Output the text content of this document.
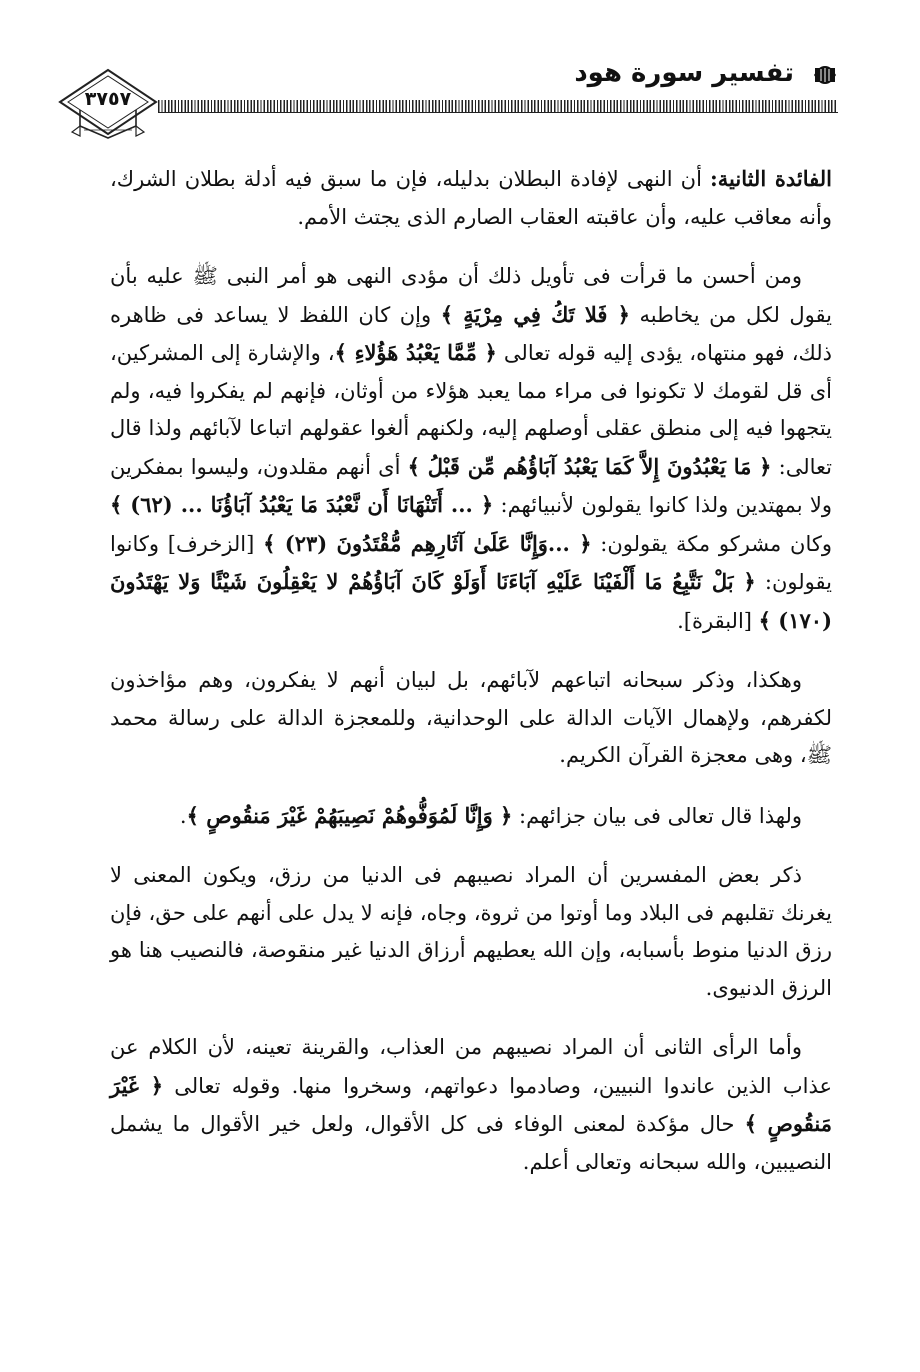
٣٧٥٧
تفسير سورة هود

الفائدة الثانية: أن النهى لإفادة البطلان بدليله، فإن ما سبق فيه أدلة بطلان الشرك، وأنه معاقب عليه، وأن عاقبته العقاب الصارم الذى يجتث الأمم.

ومن أحسن ما قرأت فى تأويل ذلك أن مؤدى النهى هو أمر النبى ﷺ عليه بأن يقول لكل من يخاطبه ﴿ فَلا تَكُ فِي مِرْيَةٍ ﴾ وإن كان اللفظ لا يساعد فى ظاهره ذلك، فهو منتهاه، يؤدى إليه قوله تعالى ﴿ مِّمَّا يَعْبُدُ هَؤُلاءِ ﴾، والإشارة إلى المشركين، أى قل لقومك لا تكونوا فى مراء مما يعبد هؤلاء من أوثان، فإنهم لم يفكروا فيه، ولم يتجهوا فيه إلى منطق عقلى أوصلهم إليه، ولكنهم ألغوا عقولهم اتباعا لآبائهم ولذا قال تعالى: ﴿ مَا يَعْبُدُونَ إِلاَّ كَمَا يَعْبُدُ آبَاؤُهُم مِّن قَبْلُ ﴾ أى أنهم مقلدون، وليسوا بمفكرين ولا بمهتدين ولذا كانوا يقولون لأنبيائهم: ﴿ ... أَتَنْهَانَا أَن نَّعْبُدَ مَا يَعْبُدُ آبَاؤُنَا ... (٦٢) ﴾ وكان مشركو مكة يقولون: ﴿ ...وَإِنَّا عَلَىٰ آثَارِهِم مُّقْتَدُونَ (٢٣) ﴾ [الزخرف] وكانوا يقولون: ﴿ بَلْ نَتَّبِعُ مَا أَلْفَيْنَا عَلَيْهِ آبَاءَنَا أَوَلَوْ كَانَ آبَاؤُهُمْ لا يَعْقِلُونَ شَيْئًا وَلا يَهْتَدُونَ (١٧٠) ﴾ [البقرة].

وهكذا، وذكر سبحانه اتباعهم لآبائهم، بل لبيان أنهم لا يفكرون، وهم مؤاخذون لكفرهم، ولإهمال الآيات الدالة على الوحدانية، وللمعجزة الدالة على رسالة محمد ﷺ، وهى معجزة القرآن الكريم.

ولهذا قال تعالى فى بيان جزائهم: ﴿ وَإِنَّا لَمُوَفُّوهُمْ نَصِيبَهُمْ غَيْرَ مَنقُوصٍ ﴾.

ذكر بعض المفسرين أن المراد نصيبهم فى الدنيا من رزق، ويكون المعنى لا يغرنك تقلبهم فى البلاد وما أوتوا من ثروة، وجاه، فإنه لا يدل على أنهم على حق، فإن رزق الدنيا منوط بأسبابه، وإن الله يعطيهم أرزاق الدنيا غير منقوصة، فالنصيب هنا هو الرزق الدنيوى.

وأما الرأى الثانى أن المراد نصيبهم من العذاب، والقرينة تعينه، لأن الكلام عن عذاب الذين عاندوا النبيين، وصادموا دعواتهم، وسخروا منها. وقوله تعالى ﴿ غَيْرَ مَنقُوصٍ ﴾ حال مؤكدة لمعنى الوفاء فى كل الأقوال، ولعل خير الأقوال ما يشمل النصيبين، والله سبحانه وتعالى أعلم.
